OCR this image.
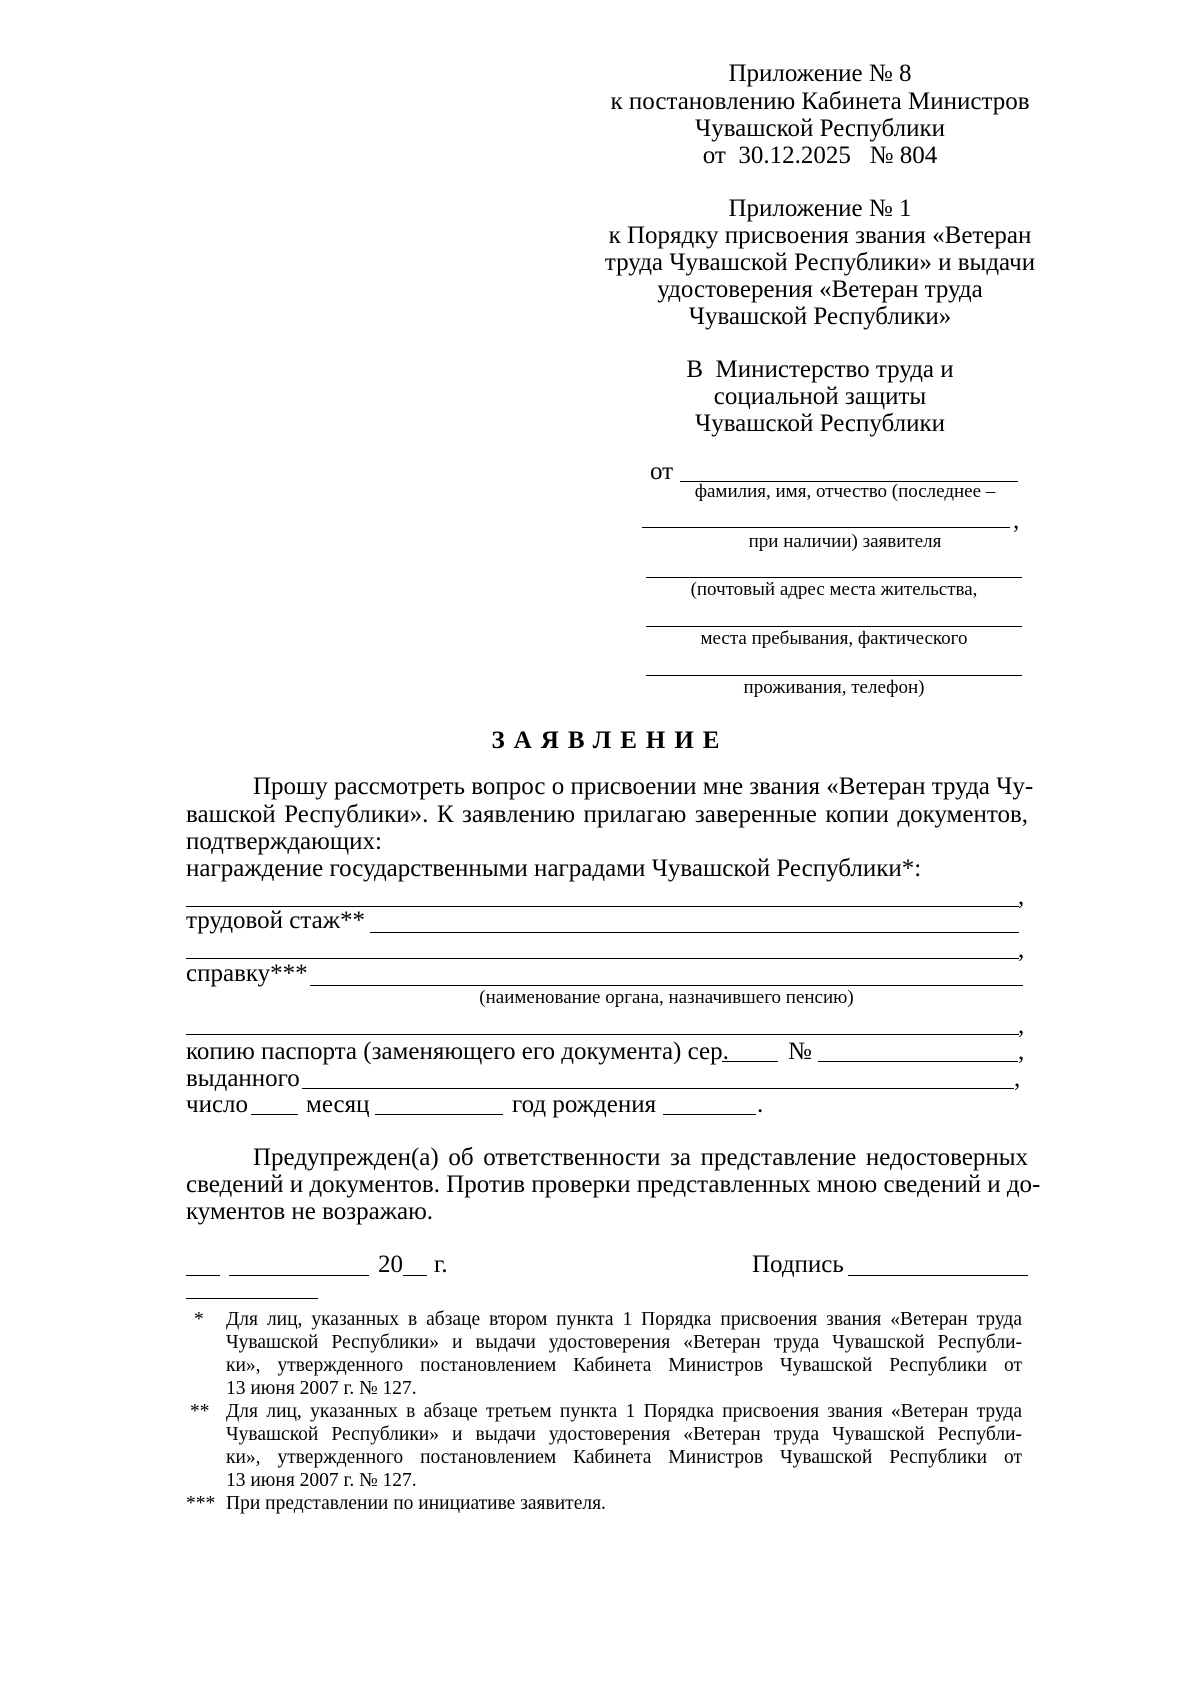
Приложение № 8
к постановлению Кабинета Министров
Чувашской Республики
от  30.12.2025   № 804
Приложение № 1
к Порядку присвоения звания «Ветеран
труда Чувашской Республики» и выдачи
удостоверения «Ветеран труда
Чувашской Республики»
В  Министерство труда и
социальной защиты
Чувашской Республики
от
фамилия, имя, отчество (последнее –
,
при наличии) заявителя
(почтовый адрес места жительства,
места пребывания, фактического
проживания, телефон)
ЗАЯВЛЕНИЕ
Прошу рассмотреть вопрос о присвоении мне звания «Ветеран труда Чу-
вашской Республики». К заявлению прилагаю заверенные копии документов,
подтверждающих:
награждение государственными наградами Чувашской Республики*:
,
трудовой стаж**
,
справку***
(наименование органа, назначившего пенсию)
,
копию паспорта (заменяющего его документа) сер. №	,
выданного	,
число месяц	год рождения	.
Предупрежден(а) об ответственности за представление недостоверных
сведений и документов. Против проверки представленных мною сведений и до-
кументов не возражаю.
20 г.	Подпись
* Для лиц, указанных в абзаце втором пункта 1 Порядка присвоения звания «Ветеран труда
Чувашской Республики» и выдачи удостоверения «Ветеран труда Чувашской Республи-
ки», утвержденного постановлением Кабинета Министров Чувашской Республики от
13 июня 2007 г. № 127.
** Для лиц, указанных в абзаце третьем пункта 1 Порядка присвоения звания «Ветеран труда
Чувашской Республики» и выдачи удостоверения «Ветеран труда Чувашской Республи-
ки», утвержденного постановлением Кабинета Министров Чувашской Республики от
13 июня 2007 г. № 127.
*** При представлении по инициативе заявителя.
